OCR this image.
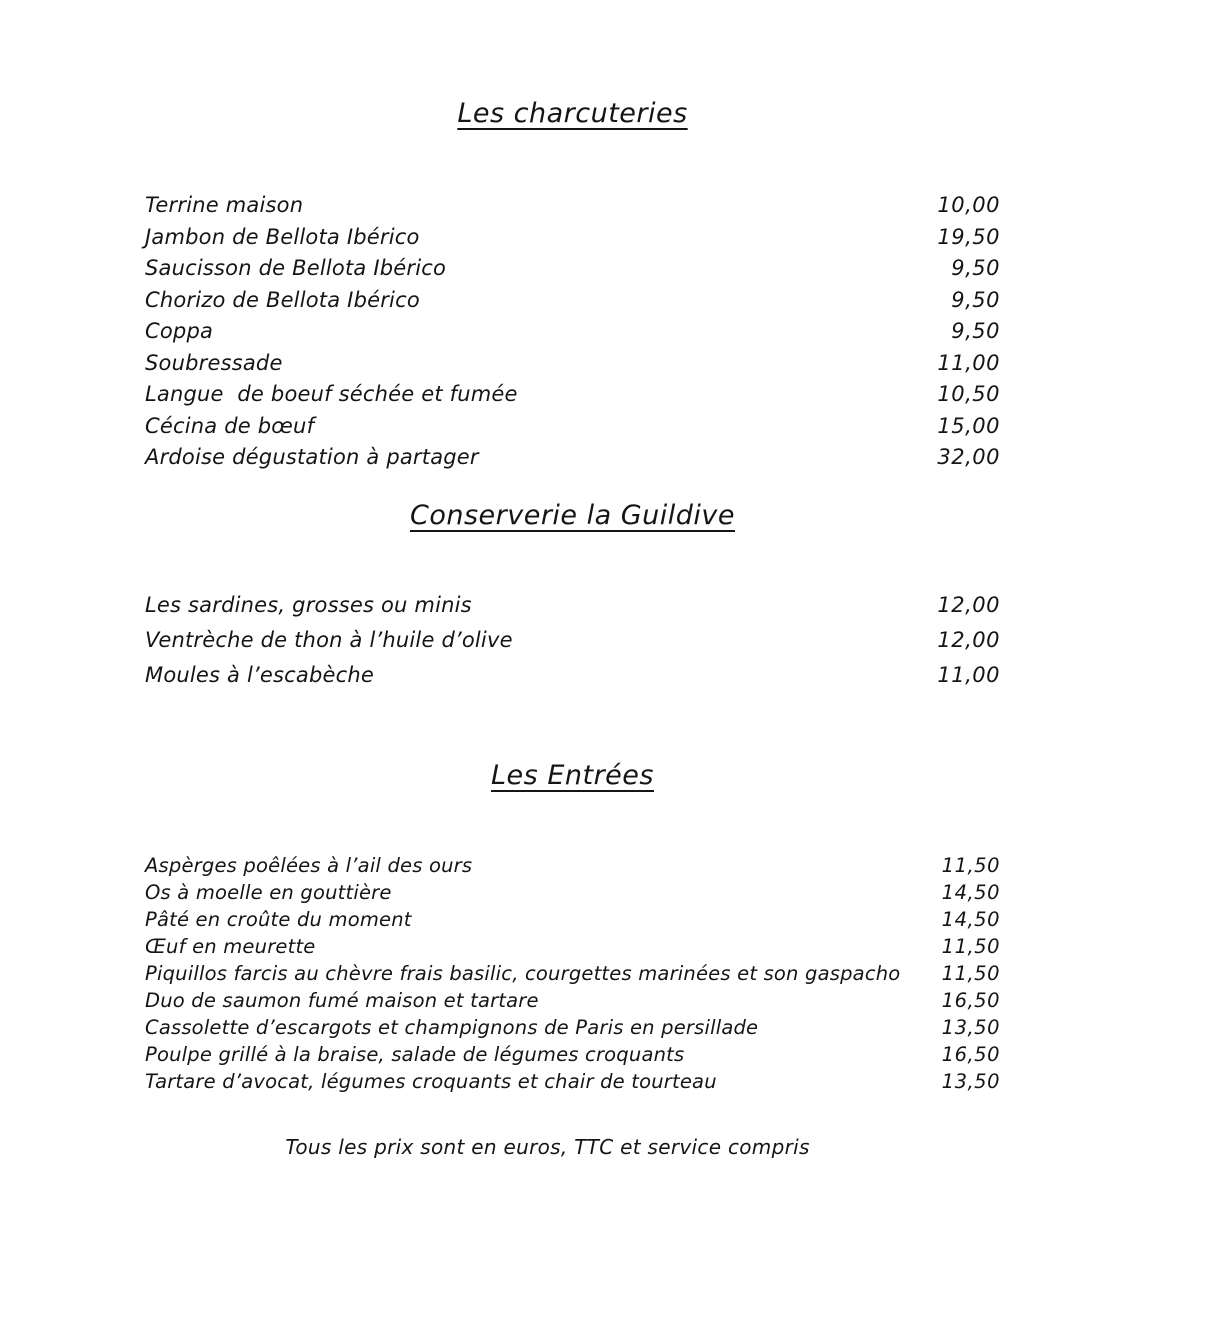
Les charcuteries
Terrine maison	10,00
Jambon de Bellota Ibérico	19,50
Saucisson de Bellota Ibérico	9,50
Chorizo de Bellota Ibérico	9,50
Coppa	9,50
Soubressade	11,00
Langue  de boeuf séchée et fumée	10,50
Cécina de bœuf	15,00
Ardoise dégustation à partager	32,00
Conserverie la Guildive
Les sardines, grosses ou minis	12,00
Ventrèche de thon à l’huile d’olive	12,00
Moules à l’escabèche	11,00
Les Entrées
Aspèrges poêlées à l’ail des ours	11,50
Os à moelle en gouttière	14,50
Pâté en croûte du moment	14,50
Œuf en meurette	11,50
Piquillos farcis au chèvre frais basilic, courgettes marinées et son gaspacho	11,50
Duo de saumon fumé maison et tartare	16,50
Cassolette d’escargots et champignons de Paris en persillade	13,50
Poulpe grillé à la braise, salade de légumes croquants	16,50
Tartare d’avocat, légumes croquants et chair de tourteau	13,50
Tous les prix sont en euros, TTC et service compris
